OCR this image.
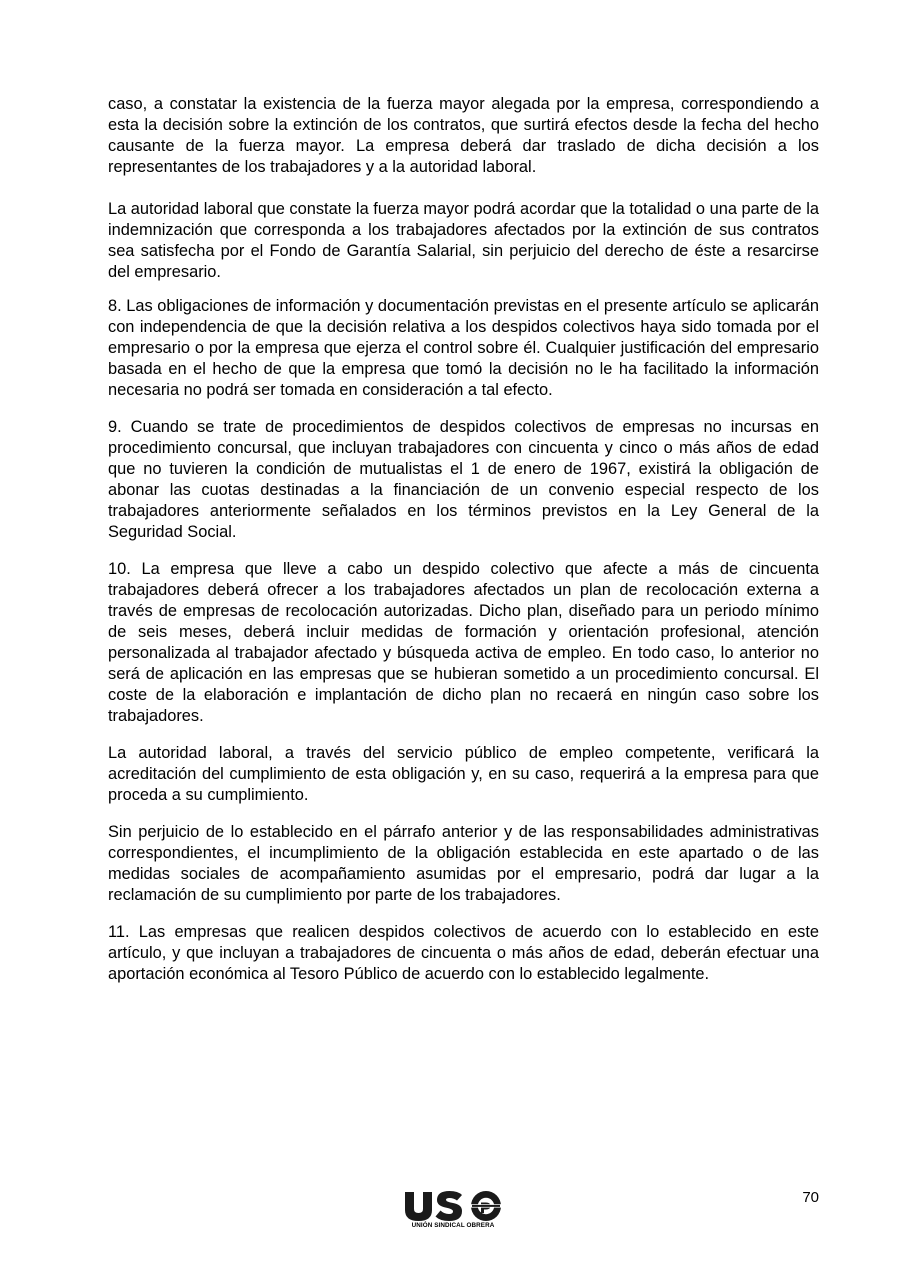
caso, a constatar la existencia de la fuerza mayor alegada por la empresa, correspondiendo a esta la decisión sobre la extinción de los contratos, que surtirá efectos desde la fecha del hecho causante de la fuerza mayor. La empresa deberá dar traslado de dicha decisión a los representantes de los trabajadores y a la autoridad laboral.

La autoridad laboral que constate la fuerza mayor podrá acordar que la totalidad o una parte de la indemnización que corresponda a los trabajadores afectados por la extinción de sus contratos sea satisfecha por el Fondo de Garantía Salarial, sin perjuicio del derecho de éste a resarcirse del empresario.

8. Las obligaciones de información y documentación previstas en el presente artículo se aplicarán con independencia de que la decisión relativa a los despidos colectivos haya sido tomada por el empresario o por la empresa que ejerza el control sobre él. Cualquier justificación del empresario basada en el hecho de que la empresa que tomó la decisión no le ha facilitado la información necesaria no podrá ser tomada en consideración a tal efecto.

9. Cuando se trate de procedimientos de despidos colectivos de empresas no incursas en procedimiento concursal, que incluyan trabajadores con cincuenta y cinco o más años de edad que no tuvieren la condición de mutualistas el 1 de enero de 1967, existirá la obligación de abonar las cuotas destinadas a la financiación de un convenio especial respecto de los trabajadores anteriormente señalados en los términos previstos en la Ley General de la Seguridad Social.

10. La empresa que lleve a cabo un despido colectivo que afecte a más de cincuenta trabajadores deberá ofrecer a los trabajadores afectados un plan de recolocación externa a través de empresas de recolocación autorizadas. Dicho plan, diseñado para un periodo mínimo de seis meses, deberá incluir medidas de formación y orientación profesional, atención personalizada al trabajador afectado y búsqueda activa de empleo. En todo caso, lo anterior no será de aplicación en las empresas que se hubieran sometido a un procedimiento concursal. El coste de la elaboración e implantación de dicho plan no recaerá en ningún caso sobre los trabajadores.

La autoridad laboral, a través del servicio público de empleo competente, verificará la acreditación del cumplimiento de esta obligación y, en su caso, requerirá a la empresa para que proceda a su cumplimiento.

Sin perjuicio de lo establecido en el párrafo anterior y de las responsabilidades administrativas correspondientes, el incumplimiento de la obligación establecida en este apartado o de las medidas sociales de acompañamiento asumidas por el empresario, podrá dar lugar a la reclamación de su cumplimiento por parte de los trabajadores.

11. Las empresas que realicen despidos colectivos de acuerdo con lo establecido en este artículo, y que incluyan a trabajadores de cincuenta o más años de edad, deberán efectuar una aportación económica al Tesoro Público de acuerdo con lo establecido legalmente.

UNIÓN SINDICAL OBRERA
70
